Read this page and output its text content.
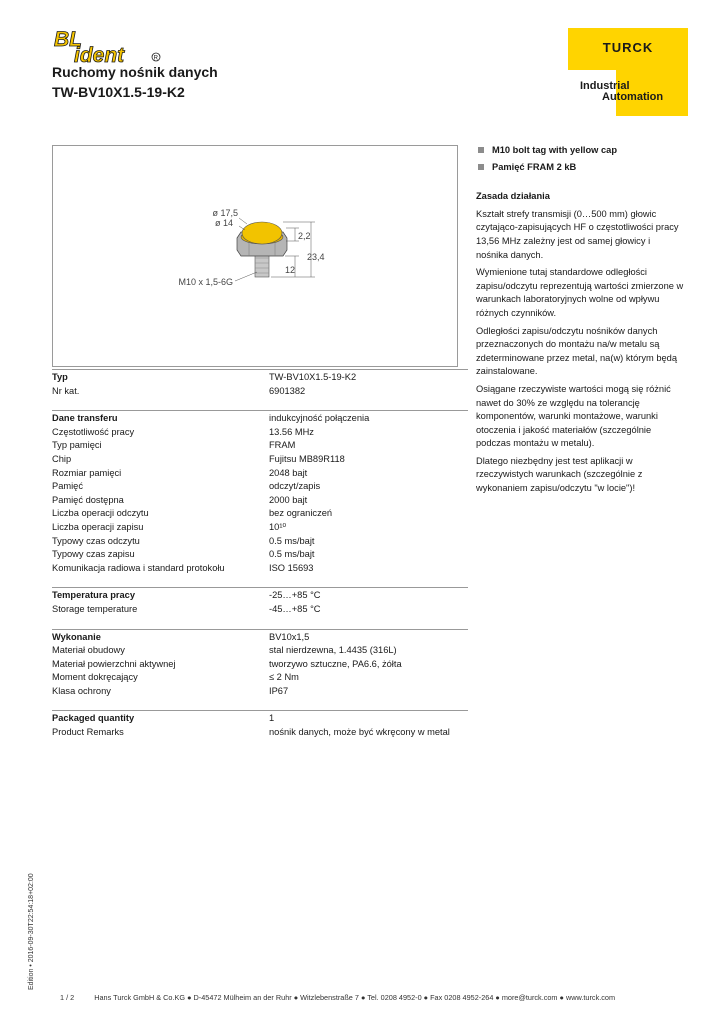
BL
ident	R
Ruchomy nośnik danych
TW-BV10X1.5-19-K2
TURCK
Industrial
Automation
ø 17,5
ø 14
2,2
23,4
12
M10 x 1,5-6G
Typ	TW-BV10X1.5-19-K2
Nr kat.	6901382
Dane transferu	indukcyjność połączenia
Częstotliwość pracy	13.56 MHz
Typ pamięci	FRAM
Chip	Fujitsu MB89R118
Rozmiar pamięci	2048 bajt
Pamięć	odczyt/zapis
Pamięć dostępna	2000 bajt
Liczba operacji odczytu	bez ograniczeń
Liczba operacji zapisu	10¹⁰
Typowy czas odczytu	0.5 ms/bajt
Typowy czas zapisu	0.5 ms/bajt
Komunikacja radiowa i standard protokołu	ISO 15693
Temperatura pracy	-25…+85 °C
Storage temperature	-45…+85 °C
Wykonanie	BV10x1,5
Materiał obudowy	stal nierdzewna, 1.4435 (316L)
Materiał powierzchni aktywnej	tworzywo sztuczne, PA6.6, żółta
Moment dokręcający	≤ 2 Nm
Klasa ochrony	IP67
Packaged quantity	1
Product Remarks	nośnik danych, może być wkręcony w metal
M10 bolt tag with yellow cap
Pamięć FRAM 2 kB
Zasada działania

Kształt strefy transmisji (0…500 mm) głowic czytająco-zapisujących HF o częstotliwości pracy 13,56 MHz zależny jest od samej głowicy i nośnika danych.

Wymienione tutaj standardowe odległości zapisu/odczytu reprezentują wartości zmierzone w warunkach laboratoryjnych wolne od wpływu różnych czynników.

Odległości zapisu/odczytu nośników danych przeznaczonych do montażu na/w metalu są zdeterminowane przez metal, na(w) którym będą zainstalowane.

Osiągane rzeczywiste wartości mogą się różnić nawet do 30% ze względu na tolerancję komponentów, warunki montażowe, warunki otoczenia i jakość materiałów (szczególnie podczas montażu w metalu).

Dlatego niezbędny jest test aplikacji w rzeczywistych warunkach (szczególnie z wykonaniem zapisu/odczytu "w locie")!

Edition • 2016-09-30T22:54:18+02:00
1 / 2	Hans Turck GmbH & Co.KG ● D-45472 Mülheim an der Ruhr ● Witzlebenstraße 7 ● Tel. 0208 4952-0 ● Fax 0208 4952-264 ● more@turck.com ● www.turck.com
